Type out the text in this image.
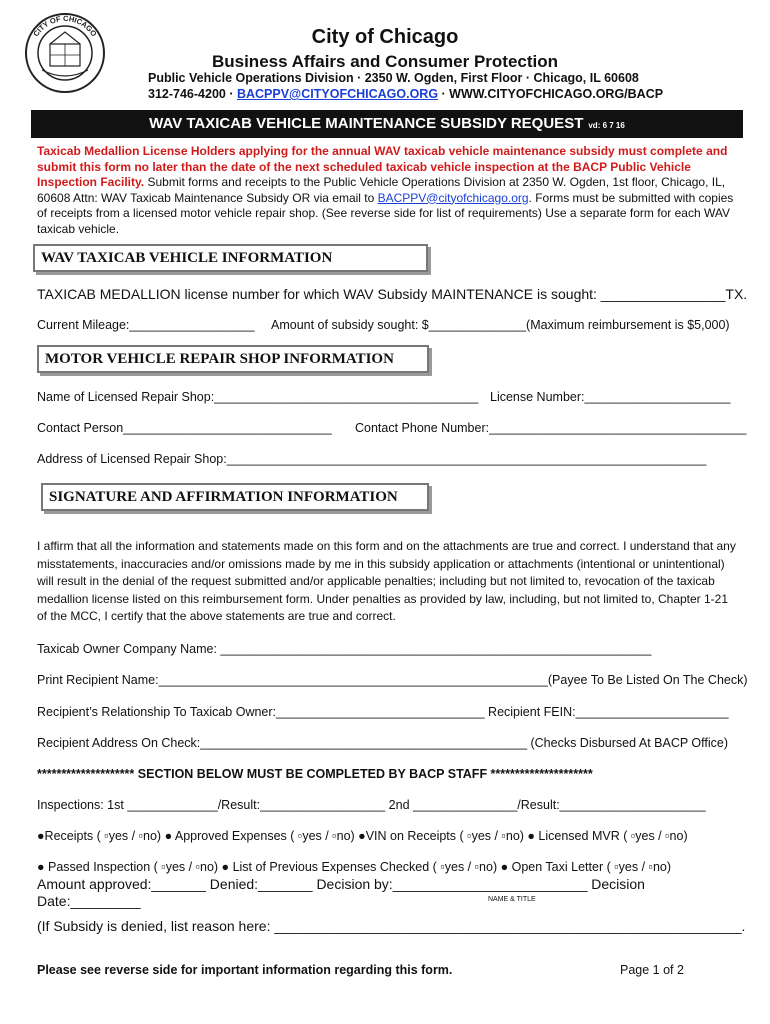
CITY OF CHICAGO	City of Chicago
Business Affairs and Consumer Protection
Public Vehicle Operations Division · 2350 W. Ogden, First Floor · Chicago, IL 60608
312-746-4200 · BACPPV@CITYOFCHICAGO.ORG · WWW.CITYOFCHICAGO.ORG/BACP
WAV TAXICAB VEHICLE MAINTENANCE SUBSIDY REQUEST vd: 6 7 16
Taxicab Medallion License Holders applying for the annual WAV taxicab vehicle maintenance subsidy must complete and submit this form no later than the date of the next scheduled taxicab vehicle inspection at the BACP Public Vehicle Inspection Facility. Submit forms and receipts to the Public Vehicle Operations Division at 2350 W. Ogden, 1st floor, Chicago, IL, 60608 Attn: WAV Taxicab Maintenance Subsidy OR via email to BACPPV@cityofchicago.org. Forms must be submitted with copies of receipts from a licensed motor vehicle repair shop. (See reverse side for list of requirements) Use a separate form for each WAV taxicab vehicle.
WAV TAXICAB VEHICLE INFORMATION
TAXICAB MEDALLION license number for which WAV Subsidy MAINTENANCE is sought: ________________TX.
Current Mileage:__________________ Amount of subsidy sought: $______________(Maximum reimbursement is $5,000)
MOTOR VEHICLE REPAIR SHOP INFORMATION
Name of Licensed Repair Shop:______________________________________ License Number:_____________________
Contact Person______________________________ Contact Phone Number:_____________________________________
Address of Licensed Repair Shop:_____________________________________________________________________
SIGNATURE AND AFFIRMATION INFORMATION
I affirm that all the information and statements made on this form and on the attachments are true and correct. I understand that any misstatements, inaccuracies and/or omissions made by me in this subsidy application or attachments (intentional or unintentional) will result in the denial of the request submitted and/or applicable penalties; including but not limited to, revocation of the taxicab medallion license listed on this reimbursement form. Under penalties as provided by law, including, but not limited to, Chapter 1-21 of the MCC, I certify that the above statements are true and correct.
Taxicab Owner Company Name: ______________________________________________________________
Print Recipient Name:________________________________________________________(Payee To Be Listed On The Check)
Recipient’s Relationship To Taxicab Owner:______________________________ Recipient FEIN:______________________
Recipient Address On Check:_______________________________________________ (Checks Disbursed At BACP Office)
******************** SECTION BELOW MUST BE COMPLETED BY BACP STAFF *********************
Inspections: 1st _____________/Result:__________________ 2nd _______________/Result:_____________________
●Receipts ( ▫yes / ▫no) ● Approved Expenses ( ▫yes / ▫no) ●VIN on Receipts ( ▫yes / ▫no) ● Licensed MVR ( ▫yes / ▫no)
● Passed Inspection ( ▫yes / ▫no) ● List of Previous Expenses Checked ( ▫yes / ▫no) ● Open Taxi Letter ( ▫yes / ▫no)
Amount approved:_______ Denied:_______ Decision by:_________________________ Decision
Date:_________	NAME & TITLE
(If Subsidy is denied, list reason here: ____________________________________________________________.
Please see reverse side for important information regarding this form.	Page 1 of 2
